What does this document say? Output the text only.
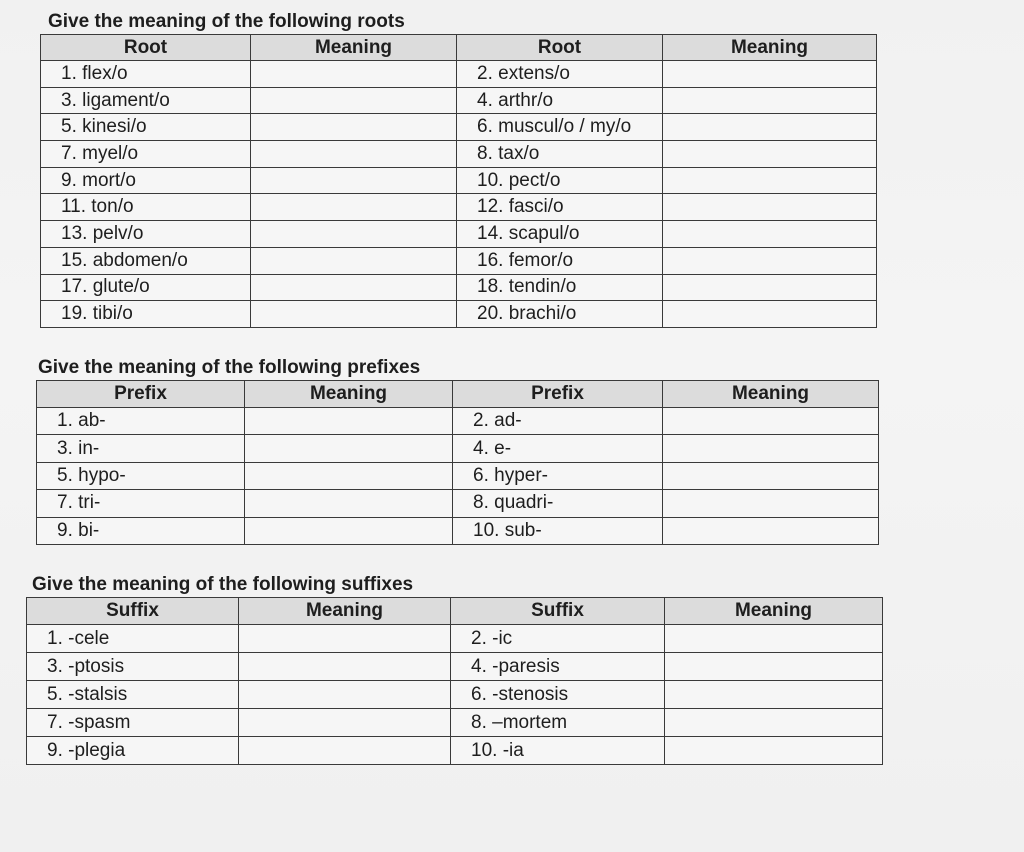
Give the meaning of the following roots
Root	Meaning	Root	Meaning
1. flex/o		2. extens/o	
3. ligament/o		4. arthr/o	
5. kinesi/o		6. muscul/o / my/o	
7. myel/o		8. tax/o	
9. mort/o		10. pect/o	
11. ton/o		12. fasci/o	
13. pelv/o		14. scapul/o	
15. abdomen/o		16. femor/o	
17. glute/o		18. tendin/o	
19. tibi/o		20. brachi/o	
Give the meaning of the following prefixes
Prefix	Meaning	Prefix	Meaning
1. ab-		2. ad-	
3. in-		4. e-	
5. hypo-		6. hyper-	
7. tri-		8. quadri-	
9. bi-		10. sub-	
Give the meaning of the following suffixes
Suffix	Meaning	Suffix	Meaning
1. -cele		2. -ic	
3. -ptosis		4. -paresis	
5. -stalsis		6. -stenosis	
7. -spasm		8. –mortem	
9. -plegia		10. -ia	
